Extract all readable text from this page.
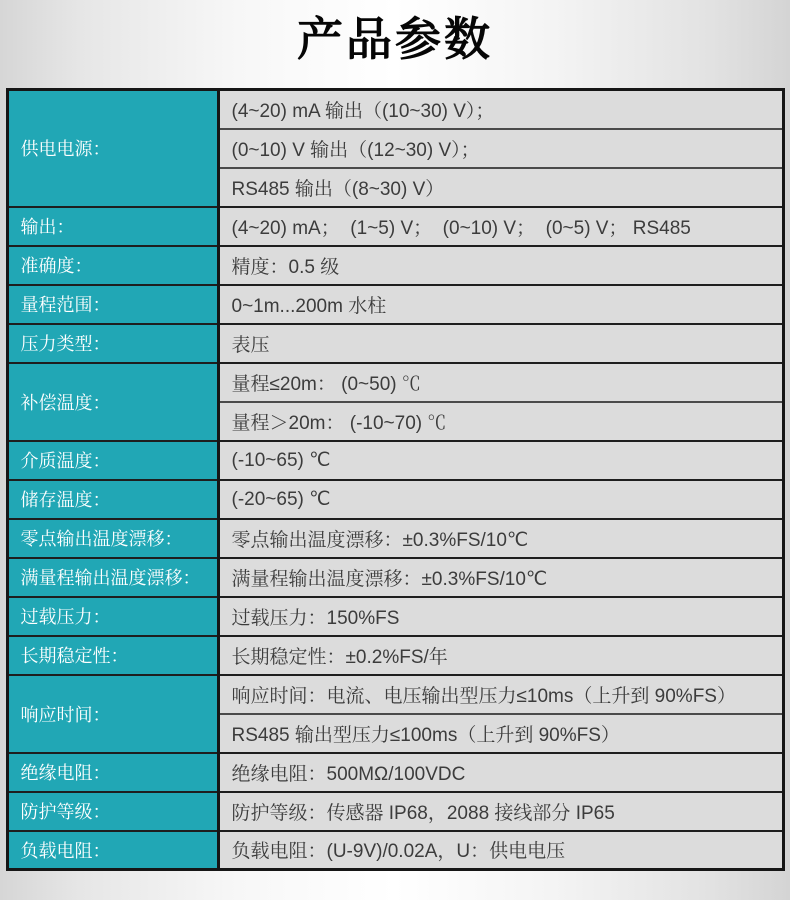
产品参数
供电电源：	(4~20) mA 输出（(10~30) V）；
	(0~10) V 输出（(12~30) V）；
	RS485 输出（(8~30) V）
输出：	(4~20) mA；  (1~5) V；  (0~10) V；  (0~5) V； RS485
准确度：	精度：0.5 级
量程范围：	0~1m...200m 水柱
压力类型：	表压
补偿温度：	量程≤20m： (0~50) ℃
	量程＞20m： (-10~70) ℃
介质温度：	(-10~65) ℃
储存温度：	(-20~65) ℃
零点输出温度漂移：	零点输出温度漂移：±0.3%FS/10℃
满量程输出温度漂移：	满量程输出温度漂移：±0.3%FS/10℃
过载压力：	过载压力：150%FS
长期稳定性：	长期稳定性：±0.2%FS/年
响应时间：	响应时间：电流、电压输出型压力≤10ms（上升到 90%FS）
	RS485 输出型压力≤100ms（上升到 90%FS）
绝缘电阻：	绝缘电阻：500MΩ/100VDC
防护等级：	防护等级：传感器 IP68，2088 接线部分 IP65
负载电阻：	负载电阻：(U-9V)/0.02A，U：供电电压
